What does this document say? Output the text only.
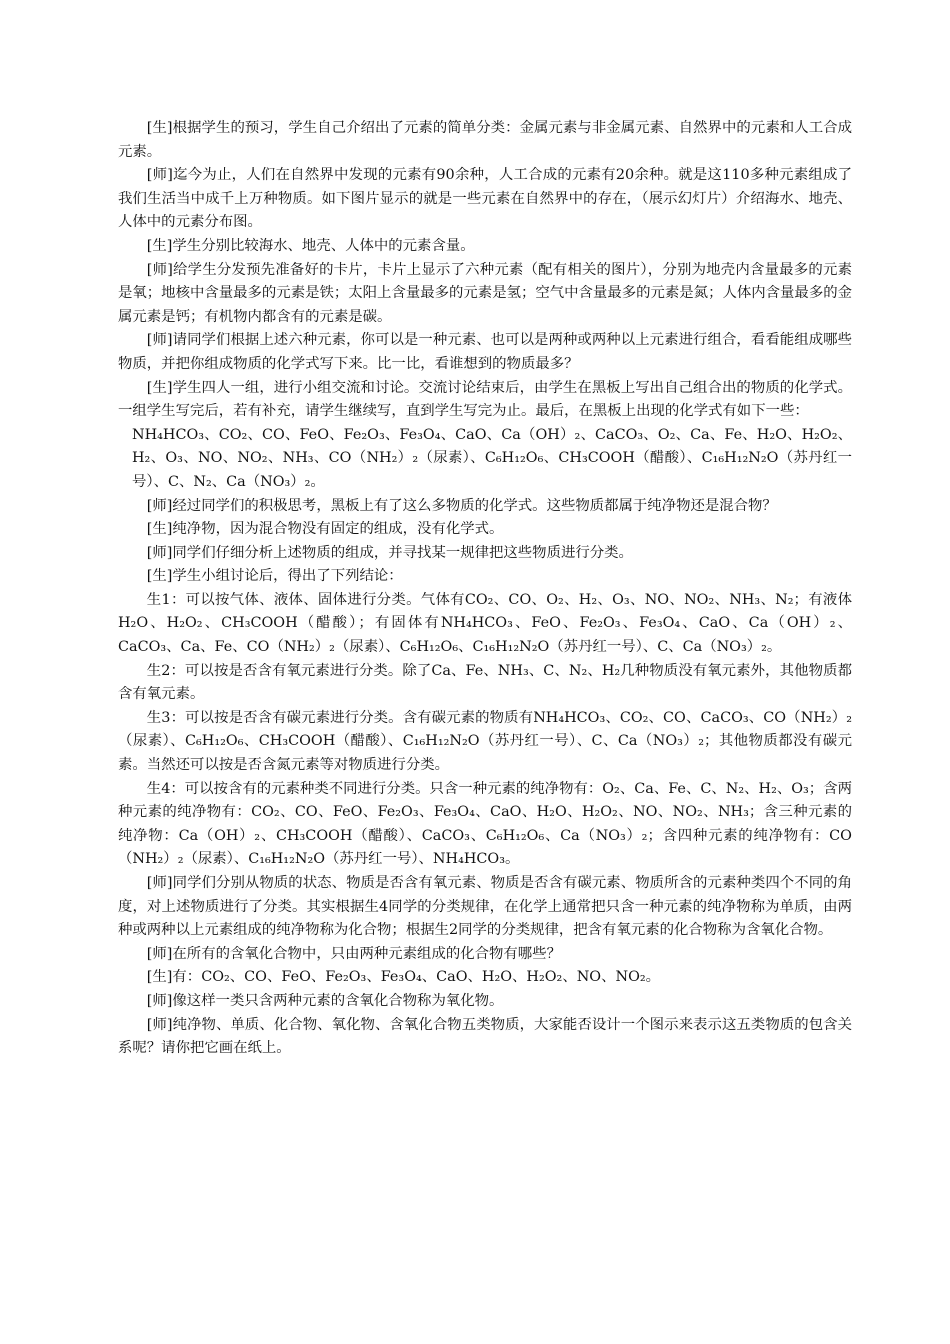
[生]根据学生的预习，学生自己介绍出了元素的简单分类：金属元素与非金属元素、自然界中的元素和人工合成元素。

[师]迄今为止，人们在自然界中发现的元素有90余种，人工合成的元素有20余种。就是这110多种元素组成了我们生活当中成千上万种物质。如下图片显示的就是一些元素在自然界中的存在，（展示幻灯片）介绍海水、地壳、人体中的元素分布图。

[生]学生分别比较海水、地壳、人体中的元素含量。

[师]给学生分发预先准备好的卡片，卡片上显示了六种元素（配有相关的图片），分别为地壳内含量最多的元素是氧；地核中含量最多的元素是铁；太阳上含量最多的元素是氢；空气中含量最多的元素是氮；人体内含量最多的金属元素是钙；有机物内都含有的元素是碳。

[师]请同学们根据上述六种元素，你可以是一种元素、也可以是两种或两种以上元素进行组合，看看能组成哪些物质，并把你组成物质的化学式写下来。比一比，看谁想到的物质最多？

[生]学生四人一组，进行小组交流和讨论。交流讨论结束后，由学生在黑板上写出自己组合出的物质的化学式。一组学生写完后，若有补充，请学生继续写，直到学生写完为止。最后，在黑板上出现的化学式有如下一些：

NH₄HCO₃、CO₂、CO、FeO、Fe₂O₃、Fe₃O₄、CaO、Ca（OH）₂、CaCO₃、O₂、Ca、Fe、H₂O、H₂O₂、H₂、O₃、NO、NO₂、NH₃、CO（NH₂）₂（尿素）、C₆H₁₂O₆、CH₃COOH（醋酸）、C₁₆H₁₂N₂O（苏丹红一号）、C、N₂、Ca（NO₃）₂。

[师]经过同学们的积极思考，黑板上有了这么多物质的化学式。这些物质都属于纯净物还是混合物？

[生]纯净物，因为混合物没有固定的组成，没有化学式。

[师]同学们仔细分析上述物质的组成，并寻找某一规律把这些物质进行分类。

[生]学生小组讨论后，得出了下列结论：

生1：可以按气体、液体、固体进行分类。气体有CO₂、CO、O₂、H₂、O₃、NO、NO₂、NH₃、N₂；有液体H₂O、H₂O₂、CH₃COOH（醋酸）；有固体有NH₄HCO₃、FeO、Fe₂O₃、Fe₃O₄、CaO、Ca（OH）₂、CaCO₃、Ca、Fe、CO（NH₂）₂（尿素）、C₆H₁₂O₆、C₁₆H₁₂N₂O（苏丹红一号）、C、Ca（NO₃）₂。

生2：可以按是否含有氧元素进行分类。除了Ca、Fe、NH₃、C、N₂、H₂几种物质没有氧元素外，其他物质都含有氧元素。

生3：可以按是否含有碳元素进行分类。含有碳元素的物质有NH₄HCO₃、CO₂、CO、CaCO₃、CO（NH₂）₂（尿素）、C₆H₁₂O₆、CH₃COOH（醋酸）、C₁₆H₁₂N₂O（苏丹红一号）、C、Ca（NO₃）₂；其他物质都没有碳元素。当然还可以按是否含氮元素等对物质进行分类。

生4：可以按含有的元素种类不同进行分类。只含一种元素的纯净物有：O₂、Ca、Fe、C、N₂、H₂、O₃；含两种元素的纯净物有：CO₂、CO、FeO、Fe₂O₃、Fe₃O₄、CaO、H₂O、H₂O₂、NO、NO₂、NH₃；含三种元素的纯净物：Ca（OH）₂、CH₃COOH（醋酸）、CaCO₃、C₆H₁₂O₆、Ca（NO₃）₂；含四种元素的纯净物有：CO（NH₂）₂（尿素）、C₁₆H₁₂N₂O（苏丹红一号）、NH₄HCO₃。

[师]同学们分别从物质的状态、物质是否含有氧元素、物质是否含有碳元素、物质所含的元素种类四个不同的角度，对上述物质进行了分类。其实根据生4同学的分类规律，在化学上通常把只含一种元素的纯净物称为单质，由两种或两种以上元素组成的纯净物称为化合物；根据生2同学的分类规律，把含有氧元素的化合物称为含氧化合物。

[师]在所有的含氧化合物中，只由两种元素组成的化合物有哪些？

[生]有：CO₂、CO、FeO、Fe₂O₃、Fe₃O₄、CaO、H₂O、H₂O₂、NO、NO₂。

[师]像这样一类只含两种元素的含氧化合物称为氧化物。

[师]纯净物、单质、化合物、氧化物、含氧化合物五类物质，大家能否设计一个图示来表示这五类物质的包含关系呢？请你把它画在纸上。
